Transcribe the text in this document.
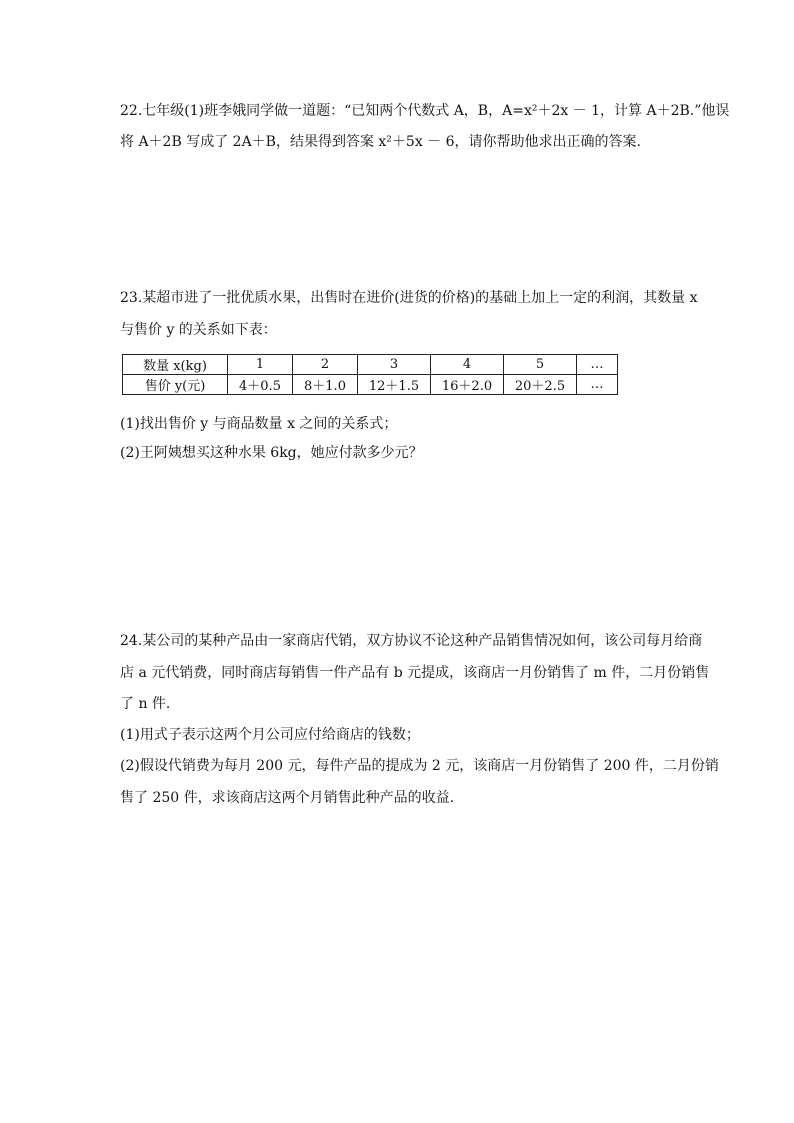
22.七年级(1)班李娥同学做一道题：“已知两个代数式 A，B，A=x²＋2x － 1，计算 A＋2B.”他误
将 A＋2B 写成了 2A＋B，结果得到答案 x²＋5x － 6，请你帮助他求出正确的答案.
23.某超市进了一批优质水果，出售时在进价(进货的价格)的基础上加上一定的利润，其数量 x
与售价 y 的关系如下表：
数量 x(kg)	1	2	3	4	5	…
售价 y(元)	4＋0.5	8＋1.0	12＋1.5	16＋2.0	20＋2.5	…
(1)找出售价 y 与商品数量 x 之间的关系式；
(2)王阿姨想买这种水果 6kg，她应付款多少元？
24.某公司的某种产品由一家商店代销，双方协议不论这种产品销售情况如何，该公司每月给商
店 a 元代销费，同时商店每销售一件产品有 b 元提成，该商店一月份销售了 m 件，二月份销售
了 n 件.
(1)用式子表示这两个月公司应付给商店的钱数；
(2)假设代销费为每月 200 元，每件产品的提成为 2 元，该商店一月份销售了 200 件，二月份销
售了 250 件，求该商店这两个月销售此种产品的收益.
